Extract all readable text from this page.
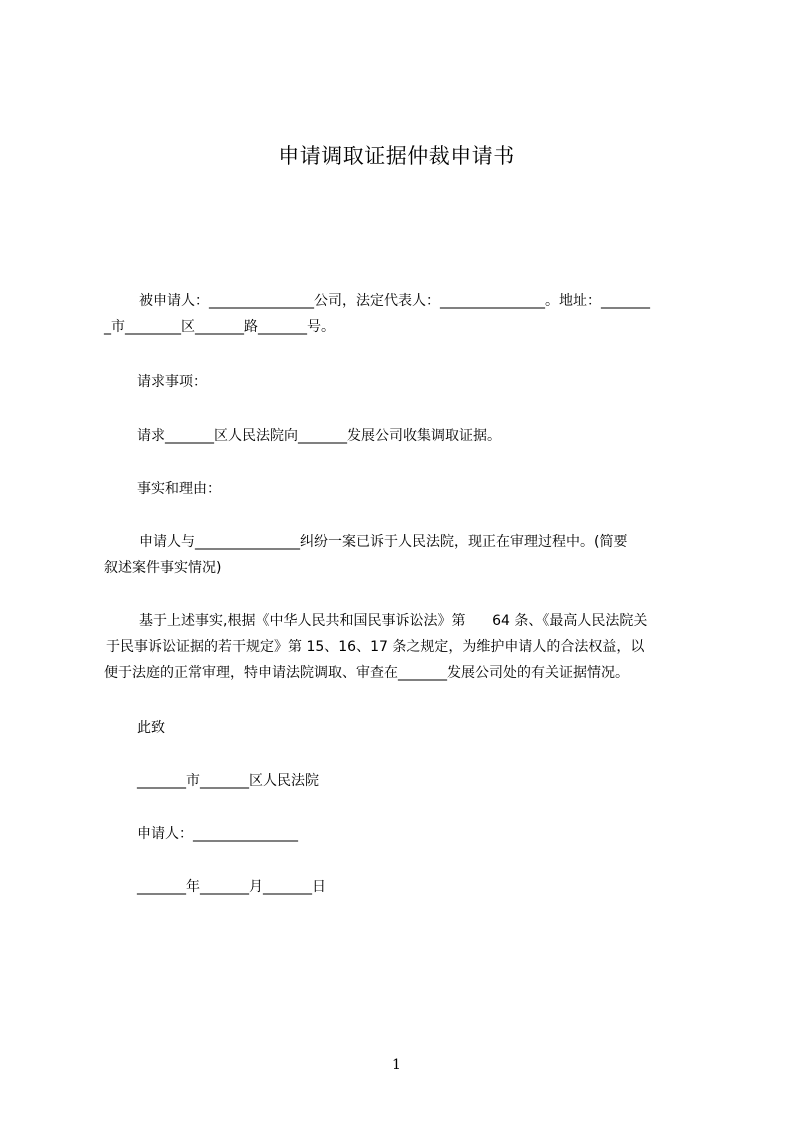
申请调取证据仲裁申请书
被申请人：_______________公司，法定代表人：_______________。地址：_______
_市________区_______路_______号。
请求事项：
请求_______区人民法院向_______发展公司收集调取证据。
事实和理由：
申请人与_______________纠纷一案已诉于人民法院，现正在审理过程中。(简要
叙述案件事实情况)
基于上述事实,根据《中华人民共和国民事诉讼法》第      64 条、《最高人民法院关
于民事诉讼证据的若干规定》第 15、16、17 条之规定，为维护申请人的合法权益，以
便于法庭的正常审理，特申请法院调取、审查在_______发展公司处的有关证据情况。
此致
_______市_______区人民法院
申请人：_______________
_______年_______月_______日
1
